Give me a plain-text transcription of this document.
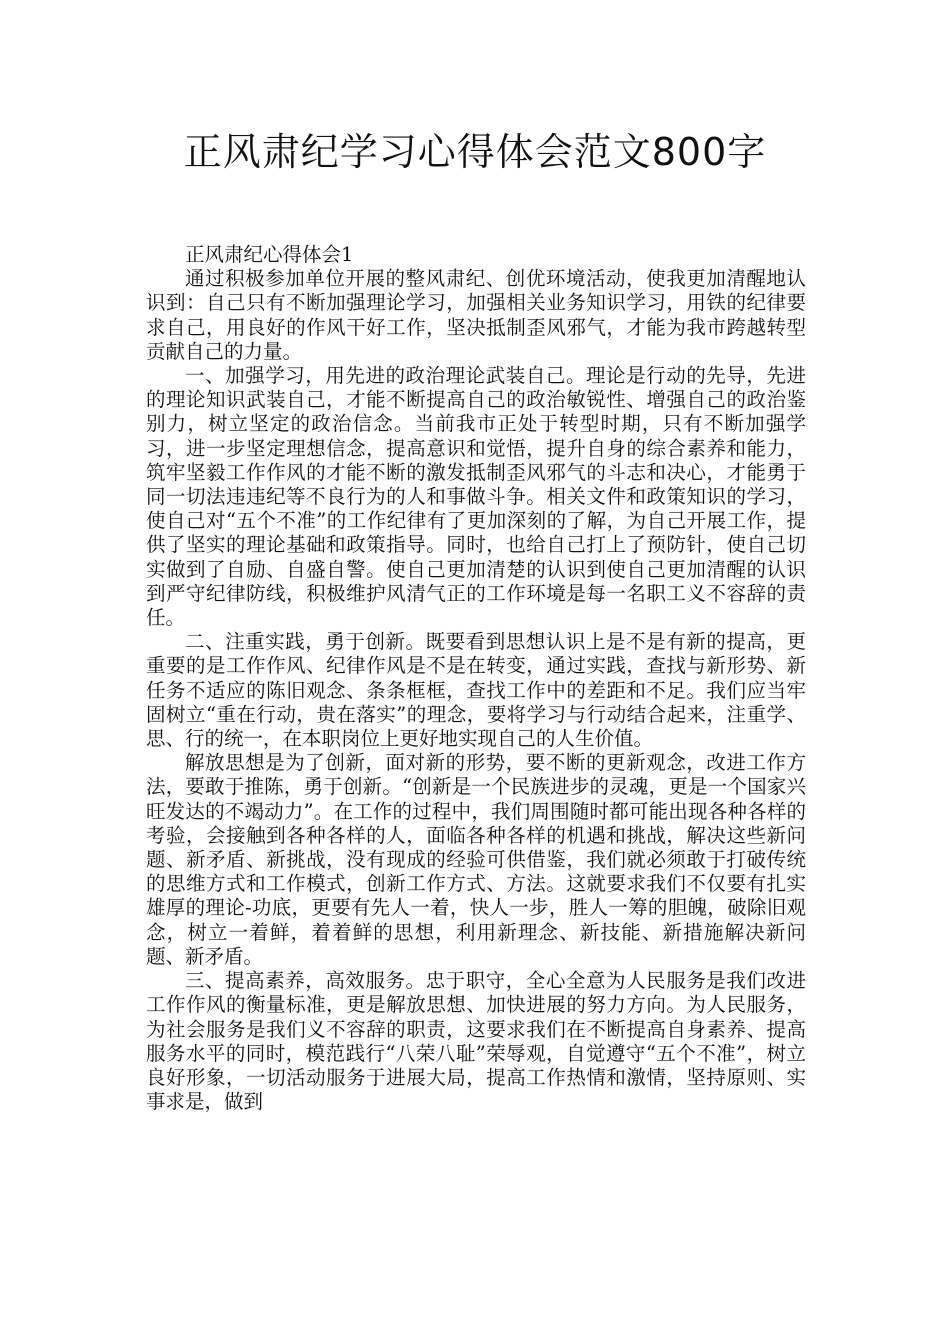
正风肃纪学习心得体会范文800字

正风肃纪心得体会1

通过积极参加单位开展的整风肃纪、创优环境活动，使我更加清醒地认识到：自己只有不断加强理论学习，加强相关业务知识学习，用铁的纪律要求自己，用良好的作风干好工作，坚决抵制歪风邪气，才能为我市跨越转型贡献自己的力量。

一、加强学习，用先进的政治理论武装自己。理论是行动的先导，先进的理论知识武装自己，才能不断提高自己的政治敏锐性、增强自己的政治鉴别力，树立坚定的政治信念。当前我市正处于转型时期，只有不断加强学习，进一步坚定理想信念，提高意识和觉悟，提升自身的综合素养和能力，筑牢坚毅工作作风的才能不断的激发抵制歪风邪气的斗志和决心，才能勇于同一切法违违纪等不良行为的人和事做斗争。相关文件和政策知识的学习，使自己对“五个不准”的工作纪律有了更加深刻的了解，为自己开展工作，提供了坚实的理论基础和政策指导。同时，也给自己打上了预防针，使自己切实做到了自励、自盛自警。使自己更加清楚的认识到使自己更加清醒的认识到严守纪律防线，积极维护风清气正的工作环境是每一名职工义不容辞的责任。

二、注重实践，勇于创新。既要看到思想认识上是不是有新的提高，更重要的是工作作风、纪律作风是不是在转变，通过实践，查找与新形势、新任务不适应的陈旧观念、条条框框，查找工作中的差距和不足。我们应当牢固树立“重在行动，贵在落实”的理念，要将学习与行动结合起来，注重学、思、行的统一，在本职岗位上更好地实现自己的人生价值。

解放思想是为了创新，面对新的形势，要不断的更新观念，改进工作方法，要敢于推陈，勇于创新。“创新是一个民族进步的灵魂，更是一个国家兴旺发达的不竭动力”。在工作的过程中，我们周围随时都可能出现各种各样的考验，会接触到各种各样的人，面临各种各样的机遇和挑战，解决这些新问题、新矛盾、新挑战，没有现成的经验可供借鉴，我们就必须敢于打破传统的思维方式和工作模式，创新工作方式、方法。这就要求我们不仅要有扎实雄厚的理论-功底，更要有先人一着，快人一步，胜人一筹的胆魄，破除旧观念，树立一着鲜，着着鲜的思想，利用新理念、新技能、新措施解决新问题、新矛盾。

三、提高素养，高效服务。忠于职守，全心全意为人民服务是我们改进工作作风的衡量标准，更是解放思想、加快进展的努力方向。为人民服务，为社会服务是我们义不容辞的职责，这要求我们在不断提高自身素养、提高服务水平的同时，模范践行“八荣八耻”荣辱观，自觉遵守“五个不准”，树立良好形象，一切活动服务于进展大局，提高工作热情和激情，坚持原则、实事求是，做到
